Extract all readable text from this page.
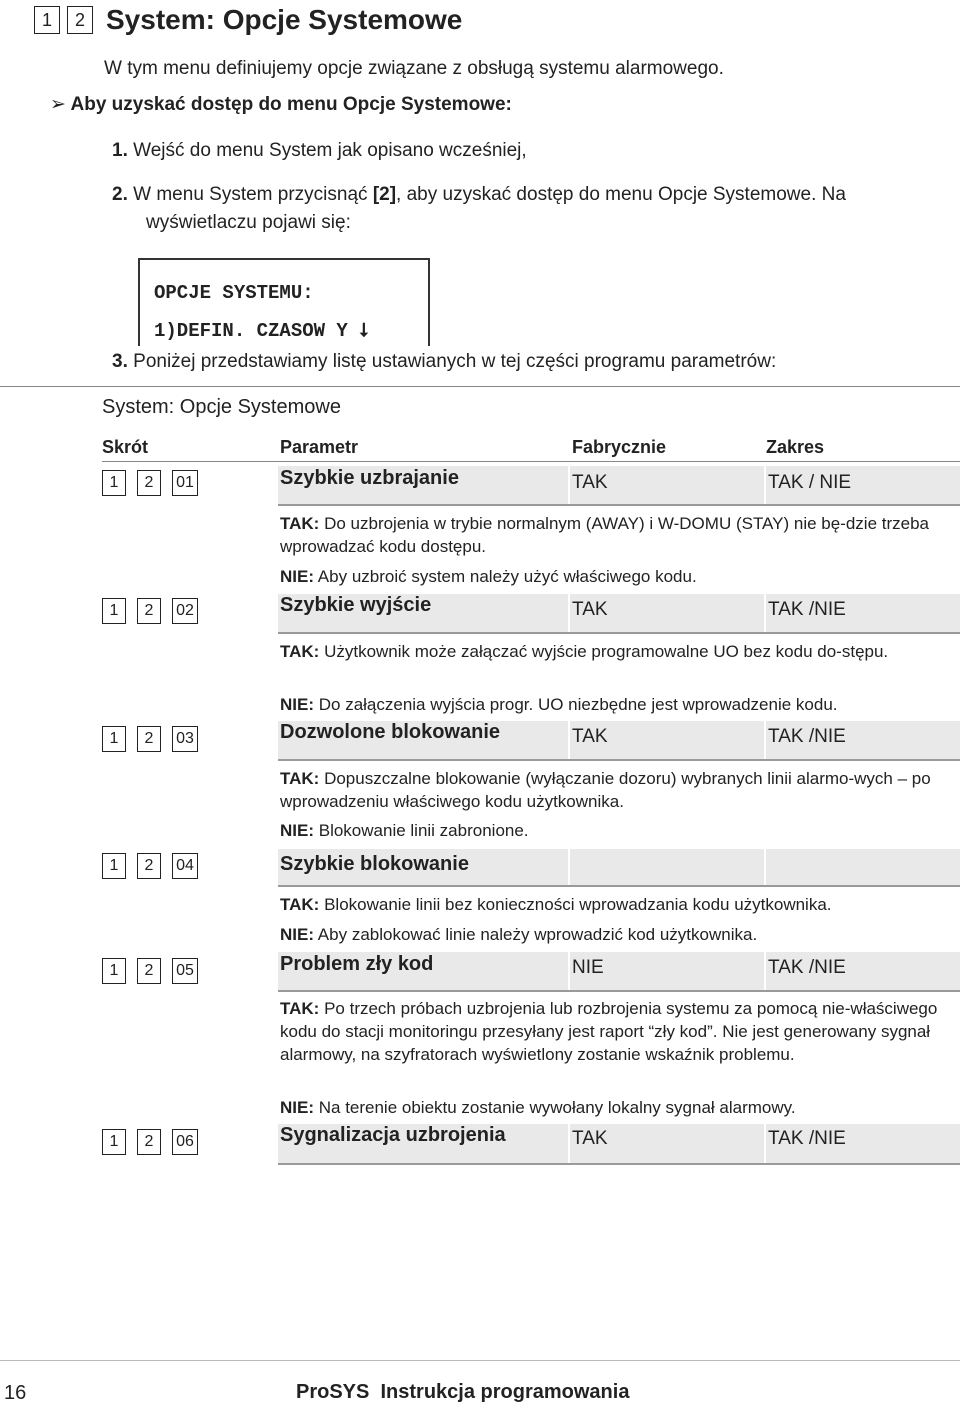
1	2 System: Opcje Systemowe
W tym menu definiujemy opcje związane z obsługą systemu alarmowego.
➢ Aby uzyskać dostęp do menu Opcje Systemowe:
1. Wejść do menu System jak opisano wcześniej,
2. W menu System przycisnąć [2], aby uzyskać dostęp do menu Opcje Systemowe. Na
wyświetlaczu pojawi się:
OPCJE SYSTEMU:
1)DEFIN. CZASOW Y ⭣
3. Poniżej przedstawiamy listę ustawianych w tej części programu parametrów:
System: Opcje Systemowe
Skrót	Parametr	Fabrycznie	Zakres
1	2	01	Szybkie uzbrajanie	TAK	TAK / NIE
TAK: Do uzbrojenia w trybie normalnym (AWAY) i W-DOMU (STAY) nie bę-dzie trzeba wprowadzać kodu dostępu.
NIE: Aby uzbroić system należy użyć właściwego kodu.
1	2	02	Szybkie wyjście	TAK	TAK /NIE
TAK: Użytkownik może załączać wyjście programowalne UO bez kodu do-stępu.
NIE: Do załączenia wyjścia progr. UO niezbędne jest wprowadzenie kodu.
1	2	03	Dozwolone blokowanie	TAK	TAK /NIE
TAK: Dopuszczalne blokowanie (wyłączanie dozoru) wybranych linii alarmo-wych – po wprowadzeniu właściwego kodu użytkownika.
NIE: Blokowanie linii zabronione.
1	2	04	Szybkie blokowanie
TAK: Blokowanie linii bez konieczności wprowadzania kodu użytkownika.
NIE: Aby zablokować linie należy wprowadzić kod użytkownika.
1	2	05	Problem zły kod	NIE	TAK /NIE
TAK: Po trzech próbach uzbrojenia lub rozbrojenia systemu za pomocą nie-właściwego kodu do stacji monitoringu przesyłany jest raport “zły kod”. Nie jest generowany sygnał alarmowy, na szyfratorach wyświetlony zostanie wskaźnik problemu.
NIE: Na terenie obiektu zostanie wywołany lokalny sygnał alarmowy.
1	2	06	Sygnalizacja uzbrojenia	TAK	TAK /NIE
16	ProSYS Instrukcja programowania
